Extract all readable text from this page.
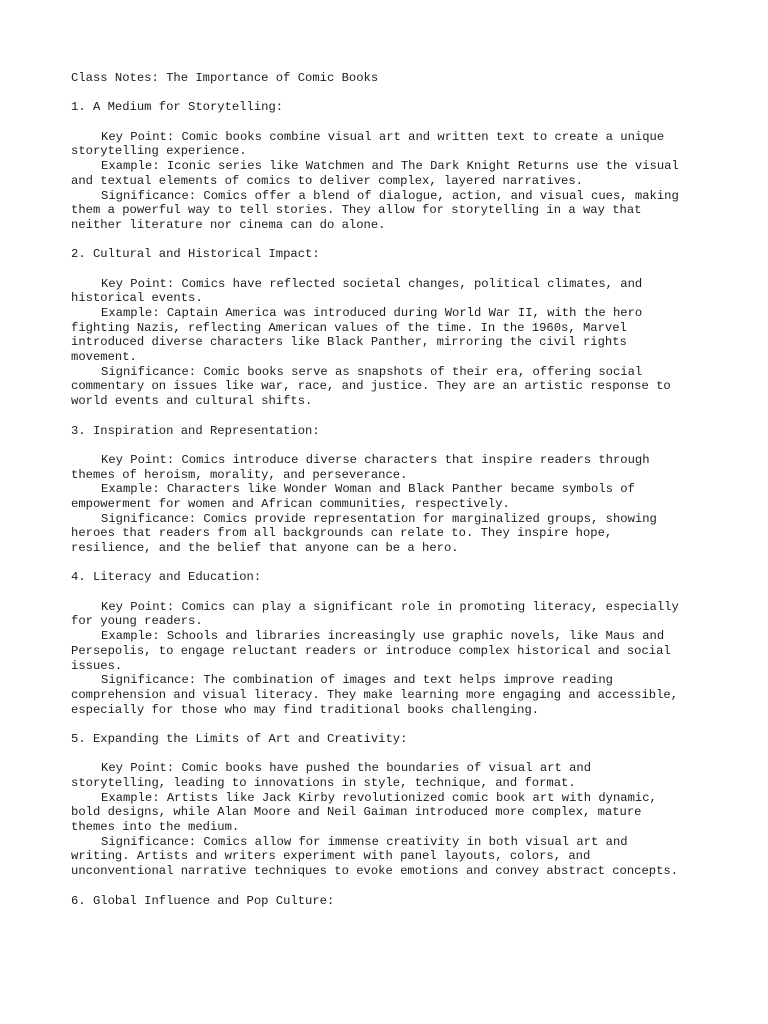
Class Notes: The Importance of Comic Books
1. A Medium for Storytelling:
Key Point: Comic books combine visual art and written text to create a unique
storytelling experience.
Example: Iconic series like Watchmen and The Dark Knight Returns use the visual
and textual elements of comics to deliver complex, layered narratives.
Significance: Comics offer a blend of dialogue, action, and visual cues, making
them a powerful way to tell stories. They allow for storytelling in a way that
neither literature nor cinema can do alone.
2. Cultural and Historical Impact:
Key Point: Comics have reflected societal changes, political climates, and
historical events.
Example: Captain America was introduced during World War II, with the hero
fighting Nazis, reflecting American values of the time. In the 1960s, Marvel
introduced diverse characters like Black Panther, mirroring the civil rights
movement.
Significance: Comic books serve as snapshots of their era, offering social
commentary on issues like war, race, and justice. They are an artistic response to
world events and cultural shifts.
3. Inspiration and Representation:
Key Point: Comics introduce diverse characters that inspire readers through
themes of heroism, morality, and perseverance.
Example: Characters like Wonder Woman and Black Panther became symbols of
empowerment for women and African communities, respectively.
Significance: Comics provide representation for marginalized groups, showing
heroes that readers from all backgrounds can relate to. They inspire hope,
resilience, and the belief that anyone can be a hero.
4. Literacy and Education:
Key Point: Comics can play a significant role in promoting literacy, especially
for young readers.
Example: Schools and libraries increasingly use graphic novels, like Maus and
Persepolis, to engage reluctant readers or introduce complex historical and social
issues.
Significance: The combination of images and text helps improve reading
comprehension and visual literacy. They make learning more engaging and accessible,
especially for those who may find traditional books challenging.
5. Expanding the Limits of Art and Creativity:
Key Point: Comic books have pushed the boundaries of visual art and
storytelling, leading to innovations in style, technique, and format.
Example: Artists like Jack Kirby revolutionized comic book art with dynamic,
bold designs, while Alan Moore and Neil Gaiman introduced more complex, mature
themes into the medium.
Significance: Comics allow for immense creativity in both visual art and
writing. Artists and writers experiment with panel layouts, colors, and
unconventional narrative techniques to evoke emotions and convey abstract concepts.
6. Global Influence and Pop Culture:
